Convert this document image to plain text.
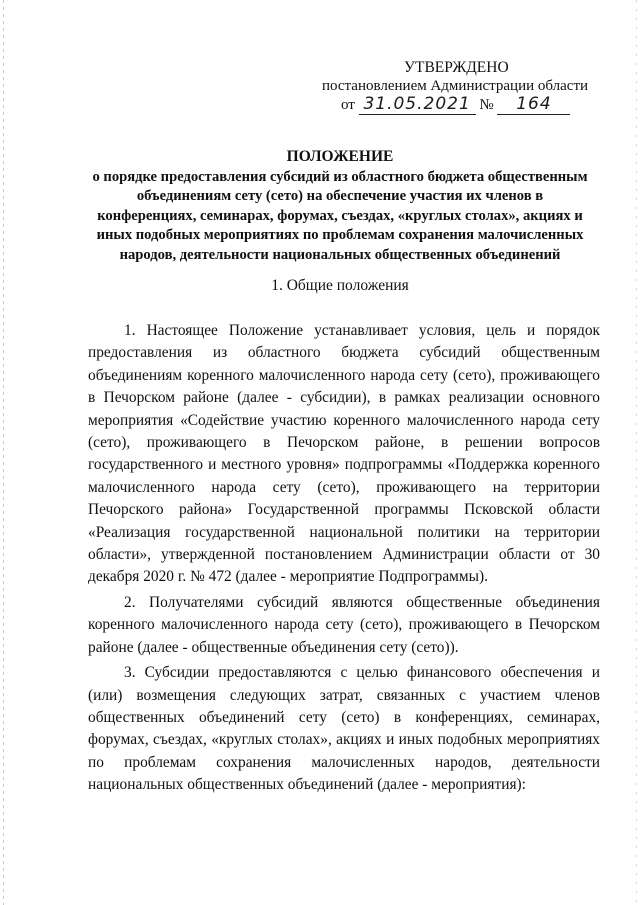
УТВЕРЖДЕНО
постановлением Администрации области
от 31.05.2021 № 164
ПОЛОЖЕНИЕ
о порядке предоставления субсидий из областного бюджета общественным
объединениям сету (сето) на обеспечение участия их членов в
конференциях, семинарах, форумах, съездах, «круглых столах», акциях и
иных подобных мероприятиях по проблемам сохранения малочисленных
народов, деятельности национальных общественных объединений
1. Общие положения

1. Настоящее Положение устанавливает условия, цель и порядок предоставления из областного бюджета субсидий общественным объединениям коренного малочисленного народа сету (сето), проживающего в Печорском районе (далее - субсидии), в рамках реализации основного мероприятия «Содействие участию коренного малочисленного народа сету (сето), проживающего в Печорском районе, в решении вопросов государственного и местного уровня» подпрограммы «Поддержка коренного малочисленного народа сету (сето), проживающего на территории Печорского района» Государственной программы Псковской области «Реализация государственной национальной политики на территории области», утвержденной постановлением Администрации области от 30 декабря 2020 г. № 472 (далее - мероприятие Подпрограммы).

2. Получателями субсидий являются общественные объединения коренного малочисленного народа сету (сето), проживающего в Печорском районе (далее - общественные объединения сету (сето)).

3. Субсидии предоставляются с целью финансового обеспечения и (или) возмещения следующих затрат, связанных с участием членов общественных объединений сету (сето) в конференциях, семинарах, форумах, съездах, «круглых столах», акциях и иных подобных мероприятиях по проблемам сохранения малочисленных народов, деятельности национальных общественных объединений (далее - мероприятия):
